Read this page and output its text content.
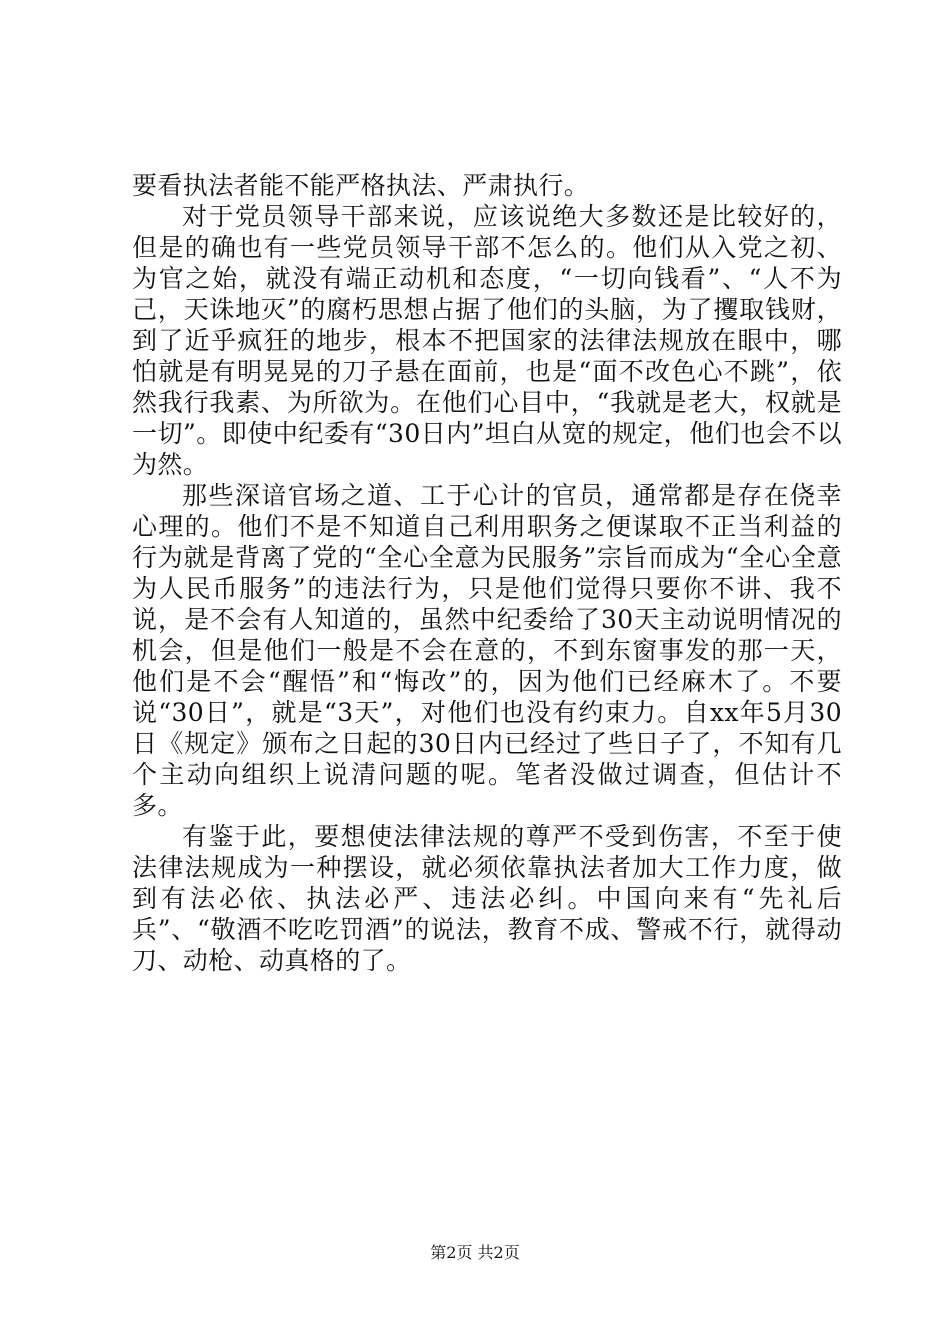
要看执法者能不能严格执法、严肃执行。

对于党员领导干部来说，应该说绝大多数还是比较好的，但是的确也有一些党员领导干部不怎么的。他们从入党之初、为官之始，就没有端正动机和态度，“一切向钱看”、“人不为己，天诛地灭”的腐朽思想占据了他们的头脑，为了攫取钱财，到了近乎疯狂的地步，根本不把国家的法律法规放在眼中，哪怕就是有明晃晃的刀子悬在面前，也是“面不改色心不跳”，依然我行我素、为所欲为。在他们心目中，“我就是老大，权就是一切”。即使中纪委有“30日内”坦白从宽的规定，他们也会不以为然。

那些深谙官场之道、工于心计的官员，通常都是存在侥幸心理的。他们不是不知道自己利用职务之便谋取不正当利益的行为就是背离了党的“全心全意为民服务”宗旨而成为“全心全意为人民币服务”的违法行为，只是他们觉得只要你不讲、我不说，是不会有人知道的，虽然中纪委给了30天主动说明情况的机会，但是他们一般是不会在意的，不到东窗事发的那一天，他们是不会“醒悟”和“悔改”的，因为他们已经麻木了。不要说“30日”，就是“3天”，对他们也没有约束力。自xx年5月30日《规定》颁布之日起的30日内已经过了些日子了，不知有几个主动向组织上说清问题的呢。笔者没做过调查，但估计不多。

有鉴于此，要想使法律法规的尊严不受到伤害，不至于使法律法规成为一种摆设，就必须依靠执法者加大工作力度，做到有法必依、执法必严、违法必纠。中国向来有“先礼后兵”、“敬酒不吃吃罚酒”的说法，教育不成、警戒不行，就得动刀、动枪、动真格的了。

第2页 共2页
